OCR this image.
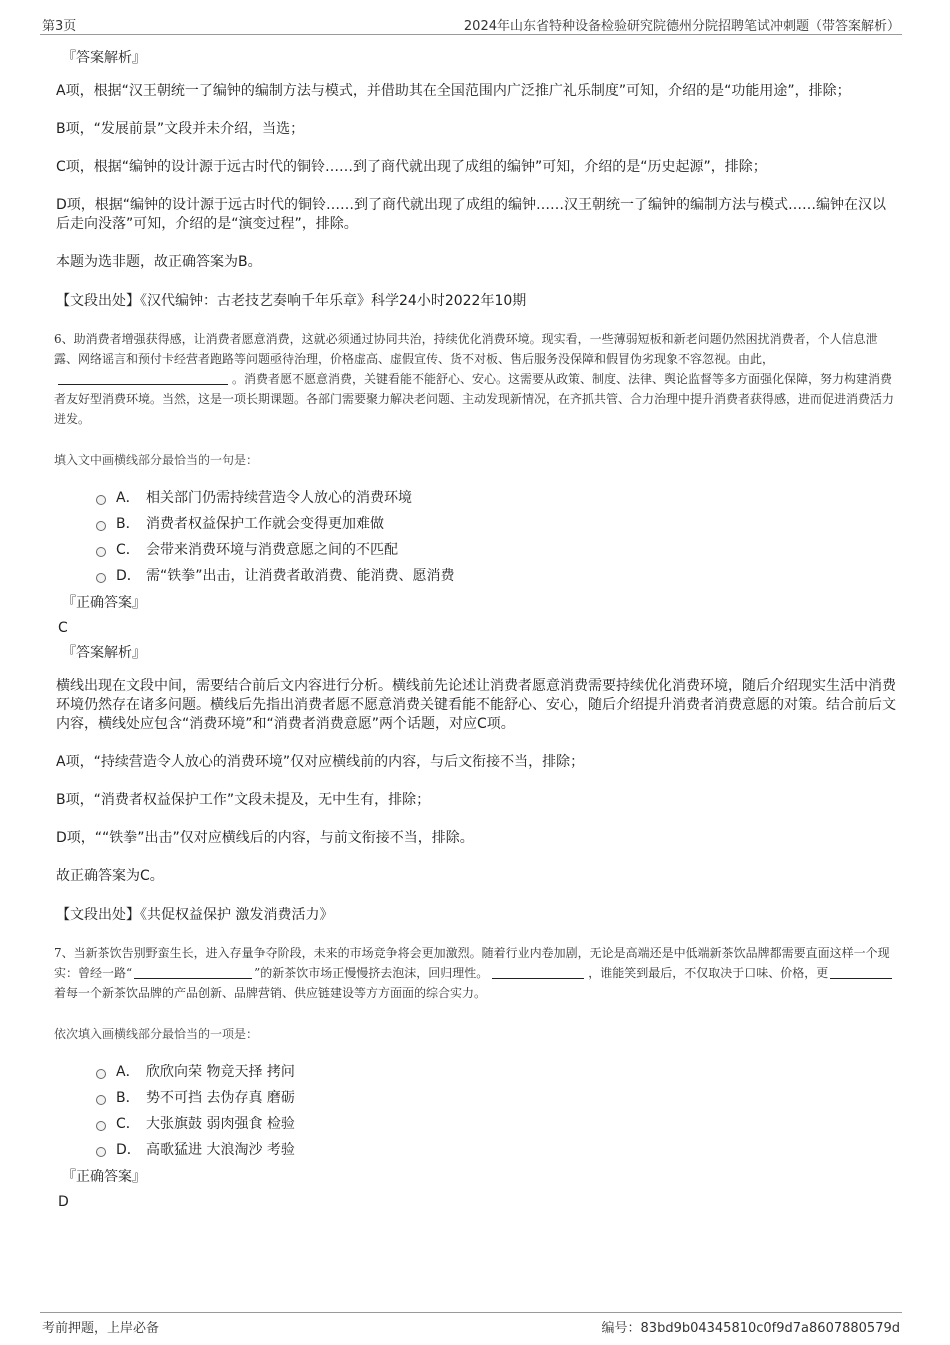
第3页	2024年山东省特种设备检验研究院德州分院招聘笔试冲刺题（带答案解析）
『答案解析』
A项，根据“汉王朝统一了编钟的编制方法与模式，并借助其在全国范围内广泛推广礼乐制度”可知，介绍的是“功能用途”，排除；
B项，“发展前景”文段并未介绍，当选；
C项，根据“编钟的设计源于远古时代的铜铃……到了商代就出现了成组的编钟”可知，介绍的是“历史起源”，排除；
D项，根据“编钟的设计源于远古时代的铜铃……到了商代就出现了成组的编钟……汉王朝统一了编钟的编制方法与模式……编钟在汉以后走向没落”可知，介绍的是“演变过程”，排除。
本题为选非题，故正确答案为B。
【文段出处】《汉代编钟：古老技艺奏响千年乐章》科学24小时2022年10期
6、助消费者增强获得感，让消费者愿意消费，这就必须通过协同共治，持续优化消费环境。现实看，一些薄弱短板和新老问题仍然困扰消费者，个人信息泄露、网络谣言和预付卡经营者跑路等问题亟待治理，价格虚高、虚假宣传、货不对板、售后服务没保障和假冒伪劣现象不容忽视。由此，。消费者愿不愿意消费，关键看能不能舒心、安心。这需要从政策、制度、法律、舆论监督等多方面强化保障，努力构建消费者友好型消费环境。当然，这是一项长期课题。各部门需要聚力解决老问题、主动发现新情况，在齐抓共管、合力治理中提升消费者获得感，进而促进消费活力迸发。
填入文中画横线部分最恰当的一句是：
A． 相关部门仍需持续营造令人放心的消费环境
B． 消费者权益保护工作就会变得更加难做
C． 会带来消费环境与消费意愿之间的不匹配
D． 需“铁拳”出击，让消费者敢消费、能消费、愿消费
『正确答案』
C
『答案解析』
横线出现在文段中间，需要结合前后文内容进行分析。横线前先论述让消费者愿意消费需要持续优化消费环境，随后介绍现实生活中消费环境仍然存在诸多问题。横线后先指出消费者愿不愿意消费关键看能不能舒心、安心，随后介绍提升消费者消费意愿的对策。结合前后文内容，横线处应包含“消费环境”和“消费者消费意愿”两个话题，对应C项。
A项，“持续营造令人放心的消费环境”仅对应横线前的内容，与后文衔接不当，排除；
B项，“消费者权益保护工作”文段未提及，无中生有，排除；
D项，““铁拳”出击”仅对应横线后的内容，与前文衔接不当，排除。
故正确答案为C。
【文段出处】《共促权益保护 激发消费活力》
7、当新茶饮告别野蛮生长，进入存量争夺阶段，未来的市场竞争将会更加激烈。随着行业内卷加剧，无论是高端还是中低端新茶饮品牌都需要直面这样一个现实：曾经一路“	”的新茶饮市场正慢慢挤去泡沫，回归理性。	，谁能笑到最后，不仅取决于口味、价格，更着每一个新茶饮品牌的产品创新、品牌营销、供应链建设等方方面面的综合实力。
依次填入画横线部分最恰当的一项是：
A． 欣欣向荣 物竞天择 拷问
B． 势不可挡 去伪存真 磨砺
C． 大张旗鼓 弱肉强食 检验
D． 高歌猛进 大浪淘沙 考验
『正确答案』
D
考前押题，上岸必备	编号：83bd9b04345810c0f9d7a8607880579d
